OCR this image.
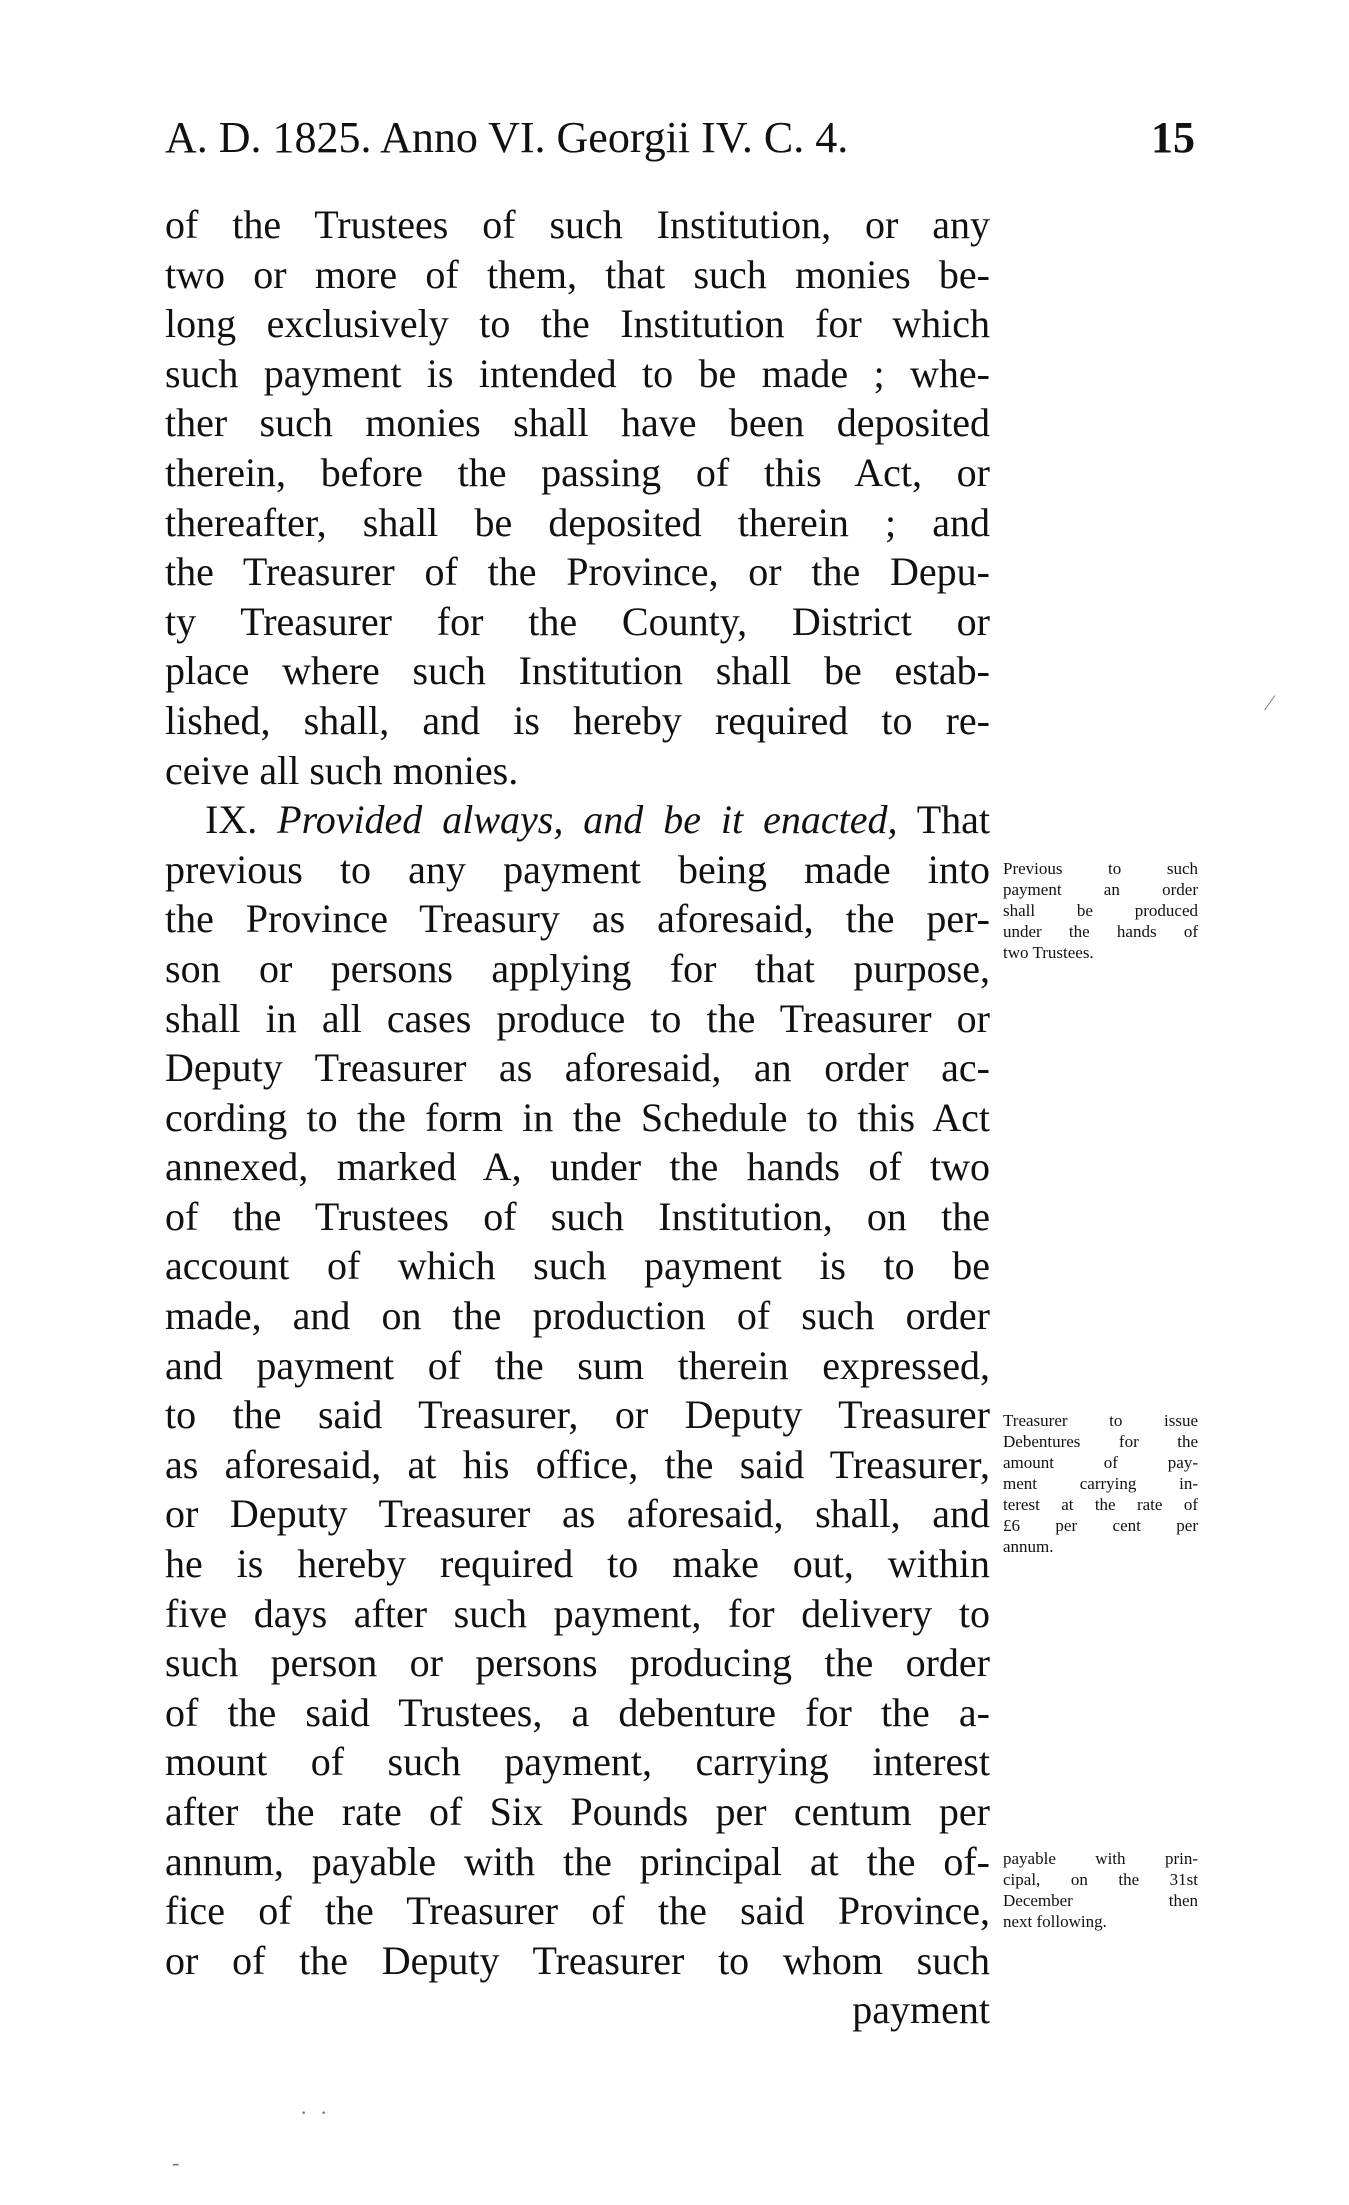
A. D. 1825. Anno VI. Georgii IV. C. 4.	15
of the Trustees of such Institution, or any
two or more of them, that such monies be-
long exclusively to the Institution for which
such payment is intended to be made ; whe-
ther such monies shall have been deposited
therein, before the passing of this Act, or
thereafter, shall be deposited therein ; and
the Treasurer of the Province, or the Depu-
ty Treasurer for the County, District or
place where such Institution shall be estab-
lished, shall, and is hereby required to re-
ceive all such monies.
IX. Provided always, and be it enacted, That
previous to any payment being made into
the Province Treasury as aforesaid, the per-
son or persons applying for that purpose,
shall in all cases produce to the Treasurer or
Deputy Treasurer as aforesaid, an order ac-
cording to the form in the Schedule to this Act
annexed, marked A, under the hands of two
of the Trustees of such Institution, on the
account of which such payment is to be
made, and on the production of such order
and payment of the sum therein expressed,
to the said Treasurer, or Deputy Treasurer
as aforesaid, at his office, the said Treasurer,
or Deputy Treasurer as aforesaid, shall, and
he is hereby required to make out, within
five days after such payment, for delivery to
such person or persons producing the order
of the said Trustees, a debenture for the a-
mount of such payment, carrying interest
after the rate of Six Pounds per centum per
annum, payable with the principal at the of-
fice of the Treasurer of the said Province,
or of the Deputy Treasurer to whom such
payment
Previous to such
payment an order
shall be produced
under the hands of
two Trustees.
Treasurer to issue
Debentures for the
amount of pay-
ment carrying in-
terest at the rate of
£6 per cent per
annum.
payable with prin-
cipal, on the 31st
December then
next following.
⁄
· ·
-
